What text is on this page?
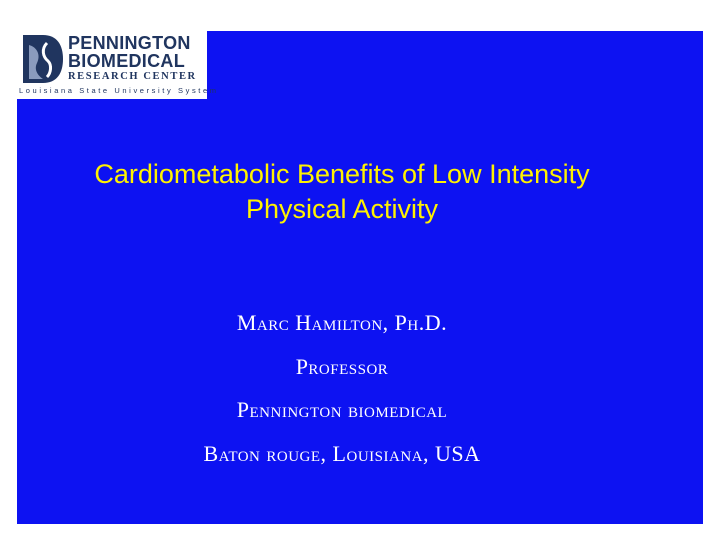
PENNINGTON
BIOMEDICAL
RESEARCH CENTER
Louisiana State University System
Cardiometabolic Benefits of Low Intensity
Physical Activity
Marc Hamilton, Ph.D.
Professor
Pennington biomedical
Baton rouge, Louisiana, USA
